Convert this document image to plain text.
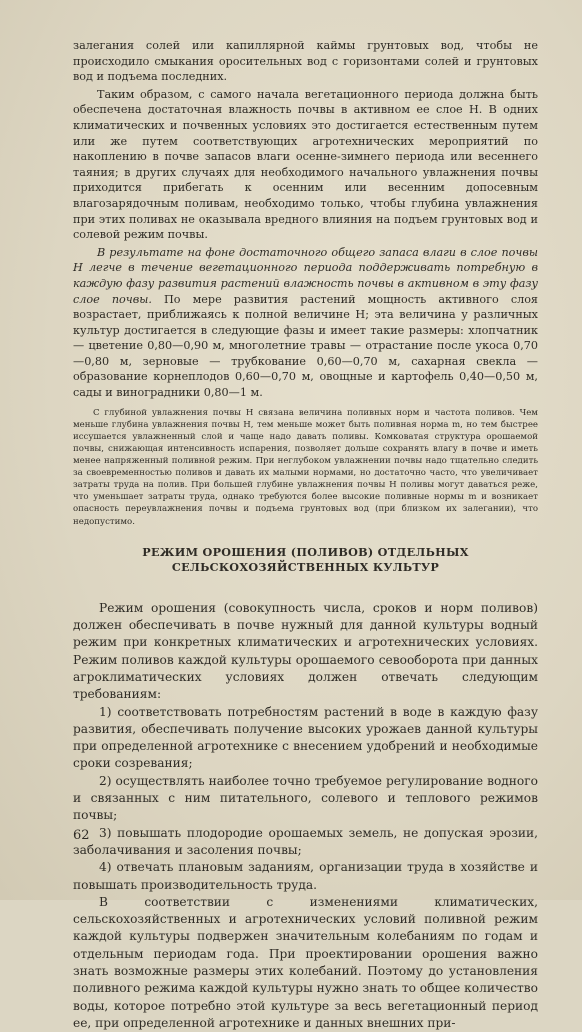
залегания солей или капиллярной каймы грунтовых вод, чтобы не происходило смыкания оросительных вод с горизонтами солей и грунтовых вод и подъема последних.

Таким образом, с самого начала вегетационного периода должна быть обеспечена достаточная влажность почвы в активном ее слое H. В одних климатических и почвенных условиях это достигается естественным путем или же путем соответствующих агротехнических мероприятий по накоплению в почве запасов влаги осенне-зимнего периода или весеннего таяния; в других случаях для необходимого начального увлажнения почвы приходится прибегать к осенним или весенним допосевным влагозарядочным поливам, необходимо только, чтобы глубина увлажнения при этих поливах не оказывала вредного влияния на подъем грунтовых вод и солевой режим почвы.

В результате на фоне достаточного общего запаса влаги в слое почвы H легче в течение вегетационного периода поддерживать потребную в каждую фазу развития растений влажность почвы в активном в эту фазу слое почвы. По мере развития растений мощность активного слоя возрастает, приближаясь к полной величине H; эта величина у различных культур достигается в следующие фазы и имеет такие размеры: хлопчатник — цветение 0,80—0,90 м, многолетние травы — отрастание после укоса 0,70—0,80 м, зерновые — трубкование 0,60—0,70 м, сахарная свекла — образование корнеплодов 0,60—0,70 м, овощные и картофель 0,40—0,50 м, сады и виноградники 0,80—1 м.

С глубиной увлажнения почвы H связана величина поливных норм и частота поливов. Чем меньше глубина увлажнения почвы H, тем меньше может быть поливная норма m, но тем быстрее иссушается увлажненный слой и чаще надо давать поливы. Комковатая структура орошаемой почвы, снижающая интенсивность испарения, позволяет дольше сохранять влагу в почве и иметь менее напряженный поливной режим. При неглубоком увлажнении почвы надо тщательно следить за своевременностью поливов и давать их малыми нормами, но достаточно часто, что увеличивает затраты труда на полив. При большей глубине увлажнения почвы H поливы могут даваться реже, что уменьшает затраты труда, однако требуются более высокие поливные нормы m и возникает опасность переувлажнения почвы и подъема грунтовых вод (при близком их залегании), что недопустимо.

РЕЖИМ ОРОШЕНИЯ (ПОЛИВОВ) ОТДЕЛЬНЫХ СЕЛЬСКОХОЗЯЙСТВЕННЫХ КУЛЬТУР

Режим орошения (совокупность числа, сроков и норм поливов) должен обеспечивать в почве нужный для данной культуры водный режим при конкретных климатических и агротехнических условиях. Режим поливов каждой культуры орошаемого севооборота при данных агроклиматических условиях должен отвечать следующим требованиям:

1) соответствовать потребностям растений в воде в каждую фазу развития, обеспечивать получение высоких урожаев данной культуры при определенной агротехнике с внесением удобрений и необходимые сроки созревания;

2) осуществлять наиболее точно требуемое регулирование водного и связанных с ним питательного, солевого и теплового режимов почвы;

3) повышать плодородие орошаемых земель, не допуская эрозии, заболачивания и засоления почвы;

4) отвечать плановым заданиям, организации труда в хозяйстве и повышать производительность труда.

В соответствии с изменениями климатических, сельскохозяйственных и агротехнических условий поливной режим каждой культуры подвержен значительным колебаниям по годам и отдельным периодам года. При проектировании орошения важно знать возможные размеры этих колебаний. Поэтому до установления поливного режима каждой культуры нужно знать то общее количество воды, которое потребно этой культуре за весь вегетационный период ее, при определенной агротехнике и данных внешних при-

62
